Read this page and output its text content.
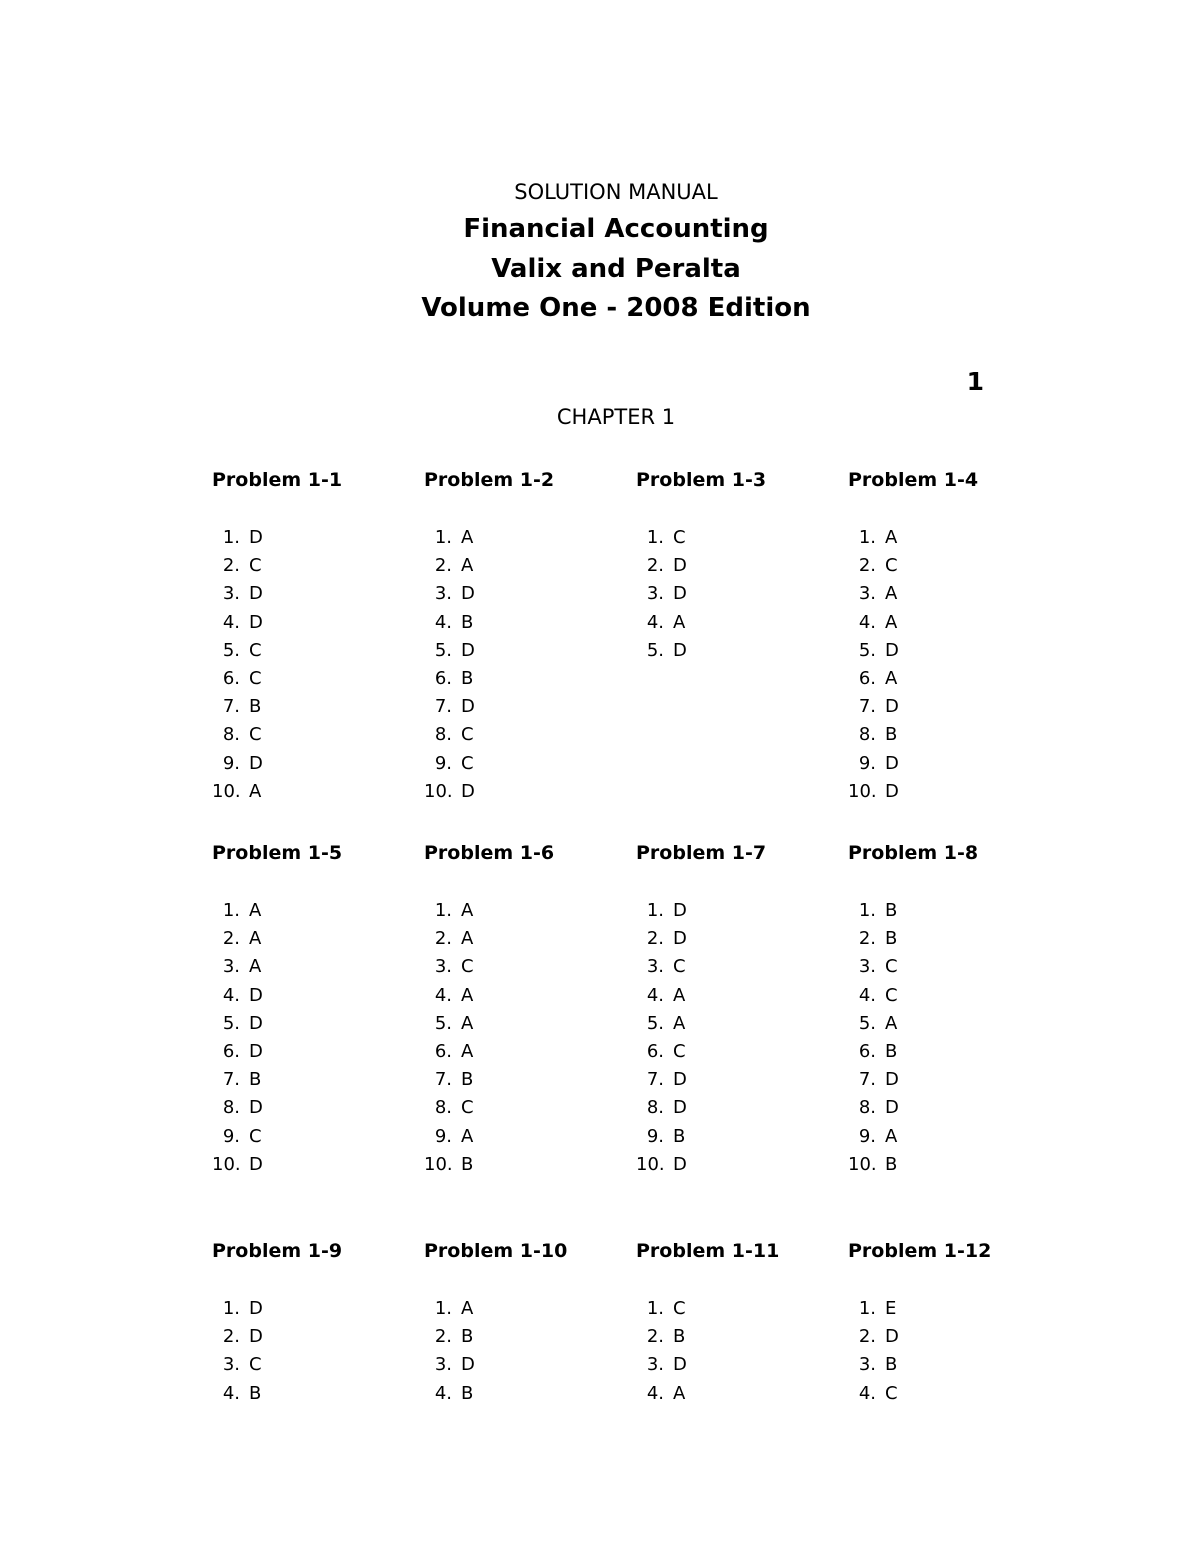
SOLUTION MANUAL
Financial Accounting
Valix and Peralta
Volume One - 2008 Edition
1
CHAPTER 1
Problem 1-1
1. D
2. C
3. D
4. D
5. C
6. C
7. B
8. C
9. D
10. A
Problem 1-2
1. A
2. A
3. D
4. B
5. D
6. B
7. D
8. C
9. C
10. D
Problem 1-3
1. C
2. D
3. D
4. A
5. D
Problem 1-4
1. A
2. C
3. A
4. A
5. D
6. A
7. D
8. B
9. D
10. D
Problem 1-5
1. A
2. A
3. A
4. D
5. D
6. D
7. B
8. D
9. C
10. D
Problem 1-6
1. A
2. A
3. C
4. A
5. A
6. A
7. B
8. C
9. A
10. B
Problem 1-7
1. D
2. D
3. C
4. A
5. A
6. C
7. D
8. D
9. B
10. D
Problem 1-8
1. B
2. B
3. C
4. C
5. A
6. B
7. D
8. D
9. A
10. B
Problem 1-9
1. D
2. D
3. C
4. B
Problem 1-10
1. A
2. B
3. D
4. B
Problem 1-11
1. C
2. B
3. D
4. A
Problem 1-12
1. E
2. D
3. B
4. C
